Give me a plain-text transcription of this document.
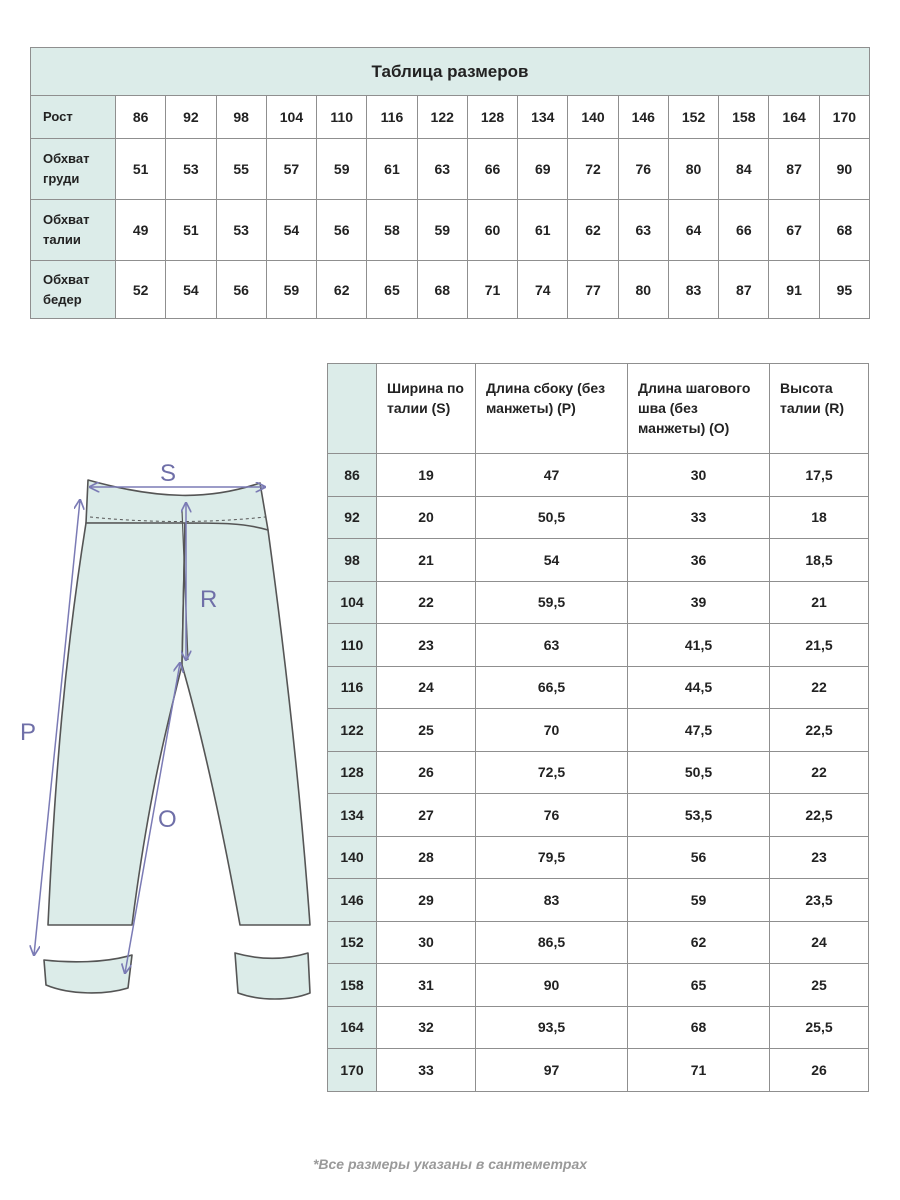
Таблица размеров															
Рост	86	92	98	104	110	116	122	128	134	140	146	152	158	164	170
Обхват груди	51	53	55	57	59	61	63	66	69	72	76	80	84	87	90
Обхват талии	49	51	53	54	56	58	59	60	61	62	63	64	66	67	68
Обхват бедер	52	54	56	59	62	65	68	71	74	77	80	83	87	91	95
S
R
P
O
	Ширина по талии (S)	Длина сбоку (без манжеты) (P)	Длина шагового шва (без манжеты) (O)	Высота талии (R)
86	19	47	30	17,5
92	20	50,5	33	18
98	21	54	36	18,5
104	22	59,5	39	21
110	23	63	41,5	21,5
116	24	66,5	44,5	22
122	25	70	47,5	22,5
128	26	72,5	50,5	22
134	27	76	53,5	22,5
140	28	79,5	56	23
146	29	83	59	23,5
152	30	86,5	62	24
158	31	90	65	25
164	32	93,5	68	25,5
170	33	97	71	26
*Все размеры указаны в сантеметрах
